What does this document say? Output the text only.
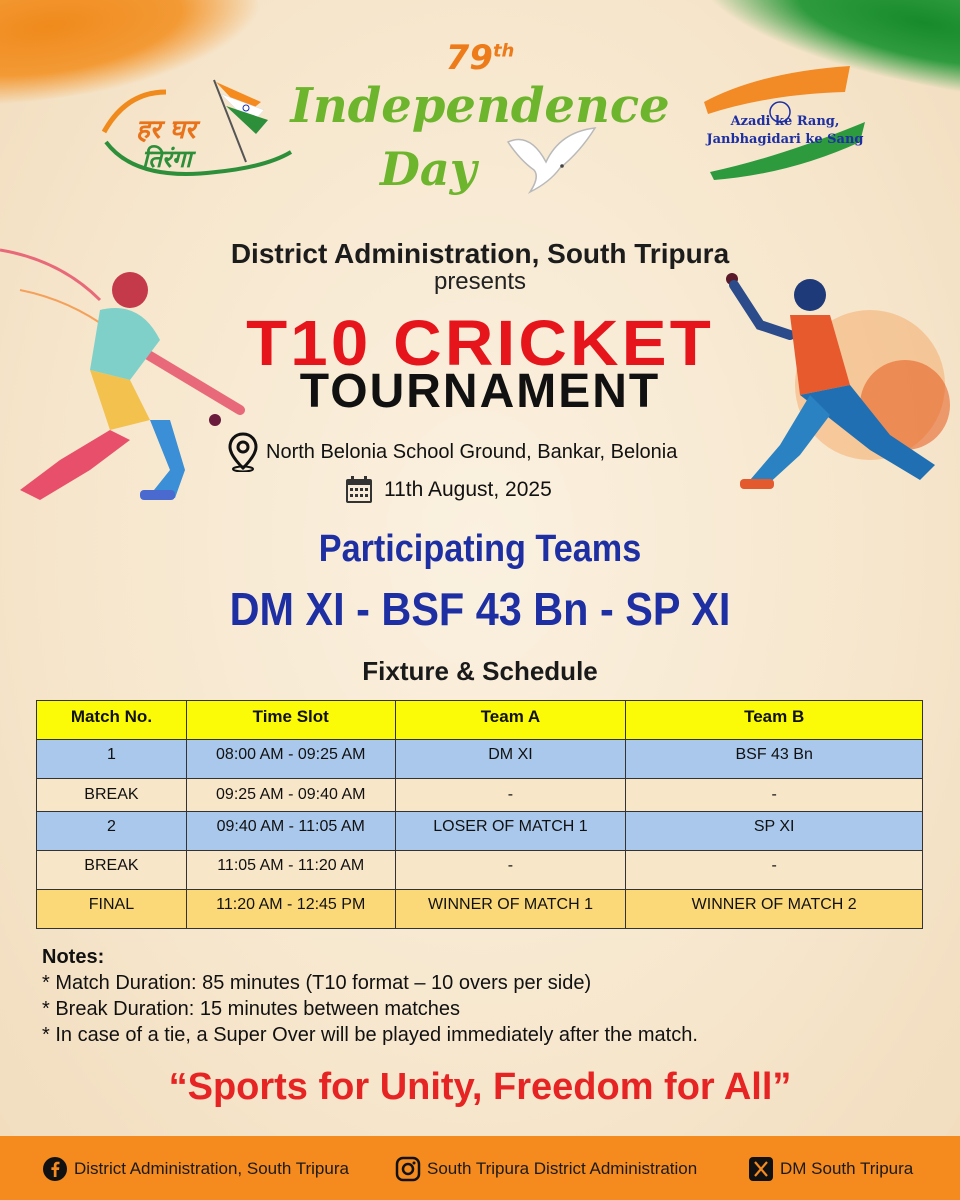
हर घर
तिरंगा
Azadi ke Rang,
Janbhagidari ke Sang
79th
Independence
Day
District Administration, South Tripura
presents
T10 CRICKET
TOURNAMENT
North Belonia School Ground, Bankar, Belonia
11th August, 2025
Participating Teams
DM XI - BSF 43 Bn - SP XI
Fixture & Schedule
Match No.	Time Slot	Team A	Team B
1	08:00 AM - 09:25 AM	DM XI	BSF 43 Bn
BREAK	09:25 AM - 09:40 AM	-	-
2	09:40 AM - 11:05 AM	LOSER OF MATCH 1	SP XI
BREAK	11:05 AM - 11:20 AM	-	-
FINAL	11:20 AM - 12:45 PM	WINNER OF MATCH 1	WINNER OF MATCH 2
Notes:
* Match Duration: 85 minutes (T10 format – 10 overs per side)
* Break Duration: 15 minutes between matches
* In case of a tie, a Super Over will be played immediately after the match.
“Sports for Unity, Freedom for All”
District Administration, South Tripura	South Tripura District Administration	DM South Tripura
